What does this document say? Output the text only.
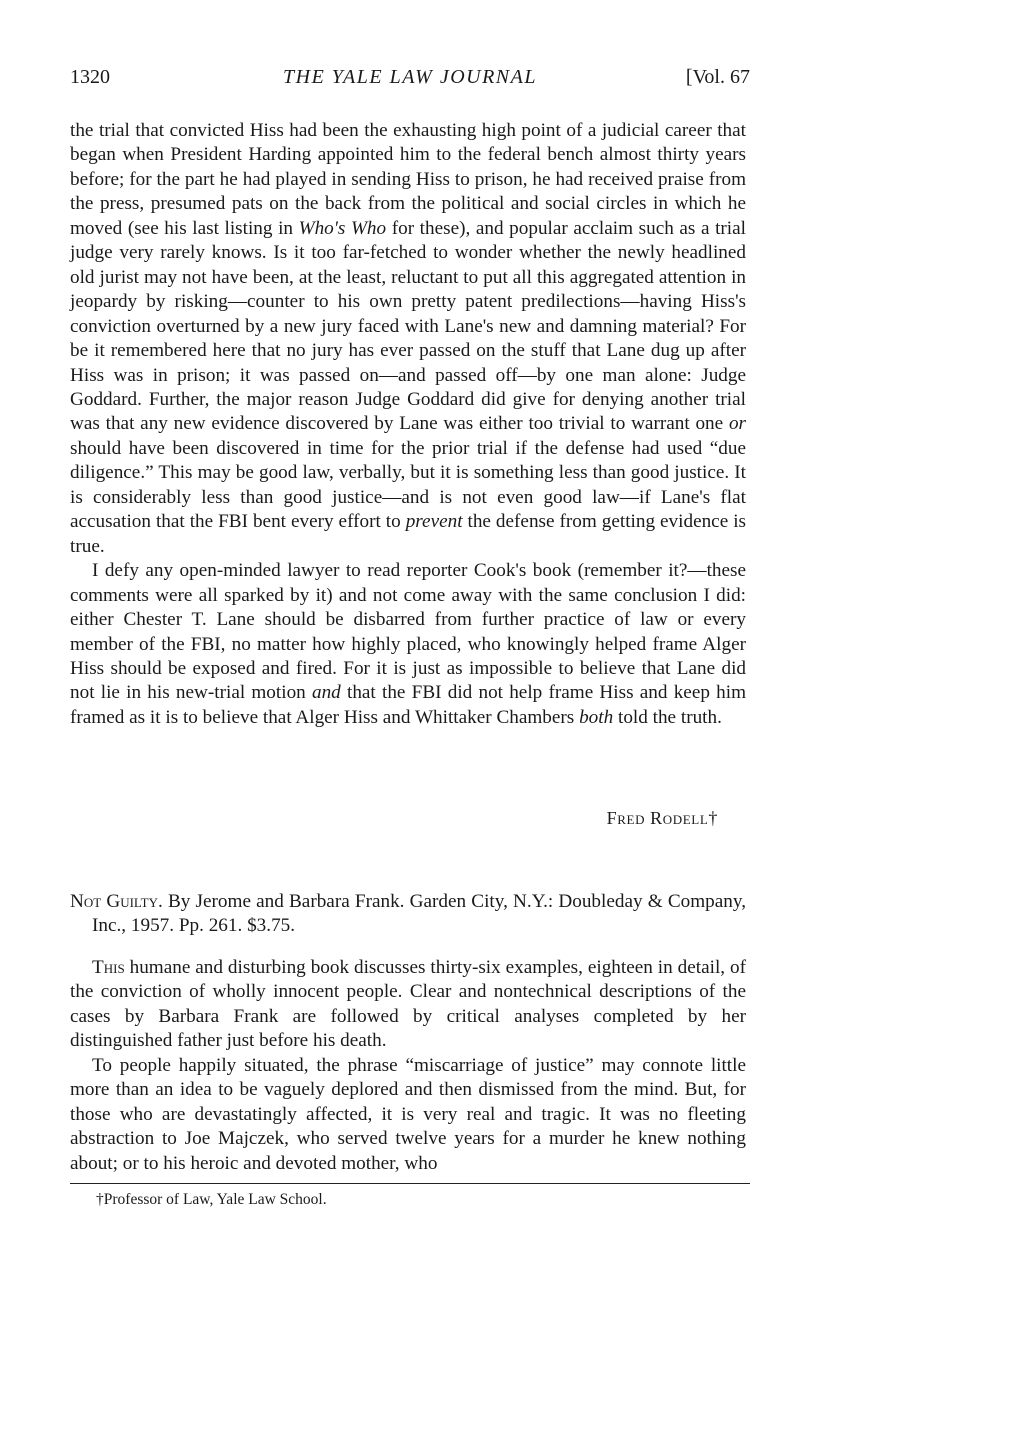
1320	THE YALE LAW JOURNAL	[Vol. 67

the trial that convicted Hiss had been the exhausting high point of a judicial career that began when President Harding appointed him to the federal bench almost thirty years before; for the part he had played in sending Hiss to prison, he had received praise from the press, presumed pats on the back from the political and social circles in which he moved (see his last listing in Who's Who for these), and popular acclaim such as a trial judge very rarely knows. Is it too far-fetched to wonder whether the newly headlined old jurist may not have been, at the least, reluctant to put all this aggregated attention in jeopardy by risking—counter to his own pretty patent predilections—having Hiss's conviction overturned by a new jury faced with Lane's new and damning material? For be it remembered here that no jury has ever passed on the stuff that Lane dug up after Hiss was in prison; it was passed on—and passed off—by one man alone: Judge Goddard. Further, the major reason Judge Goddard did give for denying another trial was that any new evidence discovered by Lane was either too trivial to warrant one or should have been discovered in time for the prior trial if the defense had used “due diligence.” This may be good law, verbally, but it is something less than good justice. It is considerably less than good justice—and is not even good law—if Lane's flat accusation that the FBI bent every effort to prevent the defense from getting evidence is true.

I defy any open-minded lawyer to read reporter Cook's book (remember it?—these comments were all sparked by it) and not come away with the same conclusion I did: either Chester T. Lane should be disbarred from further practice of law or every member of the FBI, no matter how highly placed, who knowingly helped frame Alger Hiss should be exposed and fired. For it is just as impossible to believe that Lane did not lie in his new-trial motion and that the FBI did not help frame Hiss and keep him framed as it is to believe that Alger Hiss and Whittaker Chambers both told the truth.

Fred Rodell†
Not Guilty. By Jerome and Barbara Frank. Garden City, N.Y.: Doubleday & Company, Inc., 1957. Pp. 261. $3.75.

This humane and disturbing book discusses thirty-six examples, eighteen in detail, of the conviction of wholly innocent people. Clear and nontechnical descriptions of the cases by Barbara Frank are followed by critical analyses completed by her distinguished father just before his death.

To people happily situated, the phrase “miscarriage of justice” may connote little more than an idea to be vaguely deplored and then dismissed from the mind. But, for those who are devastatingly affected, it is very real and tragic. It was no fleeting abstraction to Joe Majczek, who served twelve years for a murder he knew nothing about; or to his heroic and devoted mother, who

†Professor of Law, Yale Law School.
